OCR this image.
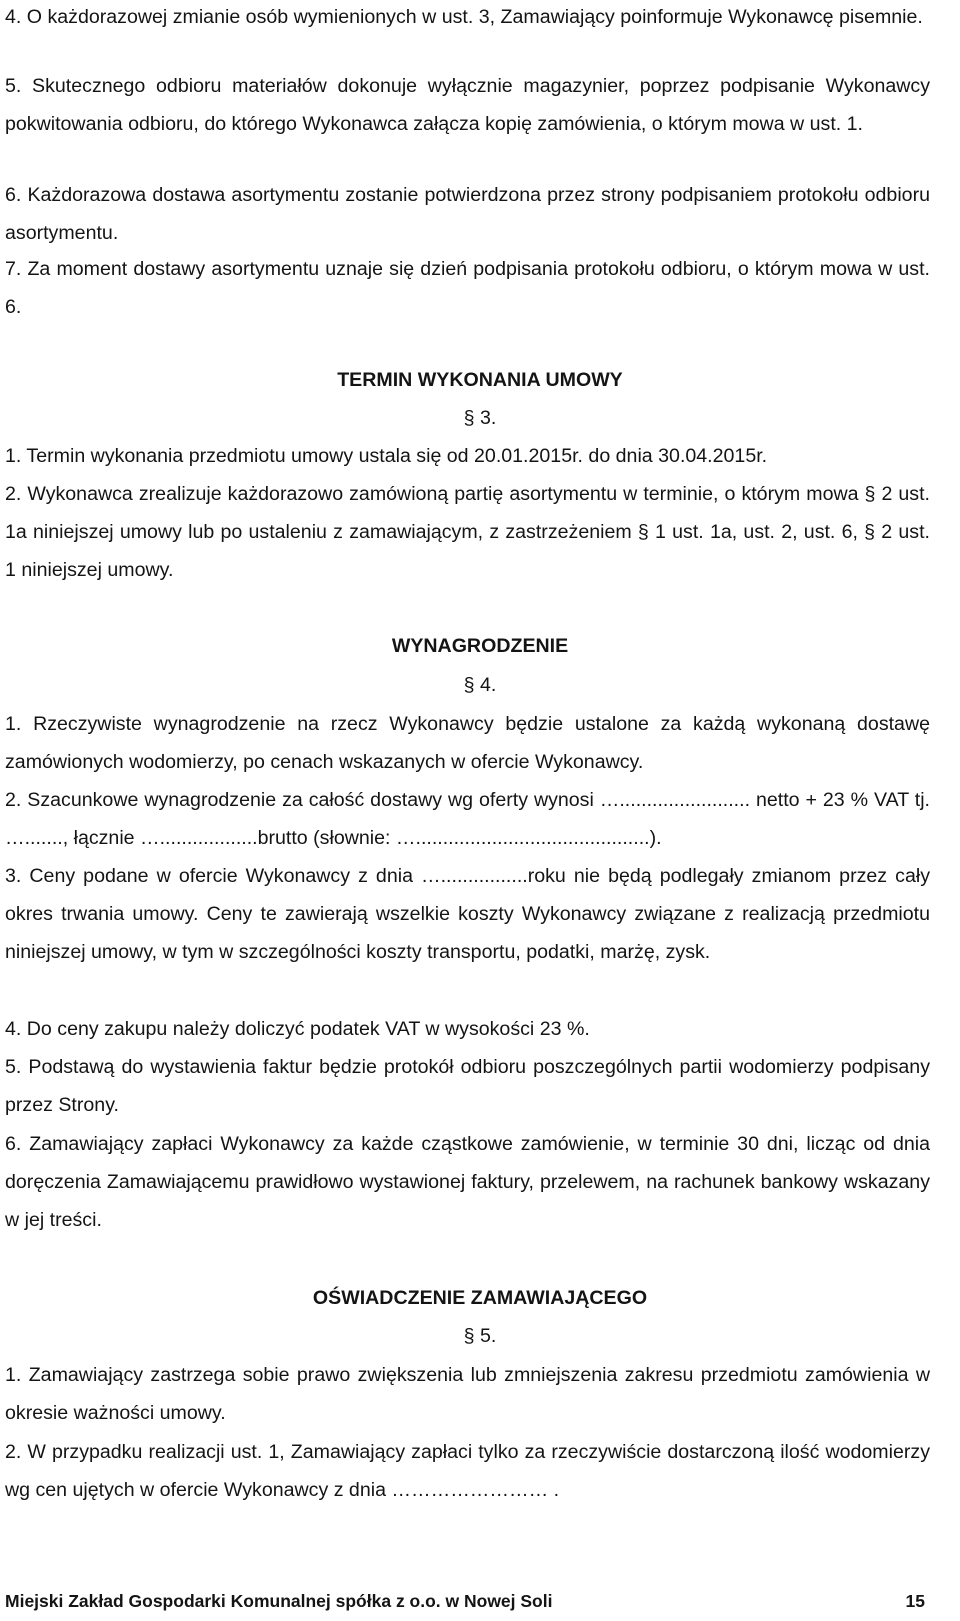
4. O każdorazowej zmianie osób wymienionych w ust. 3, Zamawiający poinformuje Wykonawcę pisemnie.

5. Skutecznego odbioru materiałów dokonuje wyłącznie magazynier, poprzez podpisanie Wykonawcy pokwitowania odbioru, do którego Wykonawca załącza kopię zamówienia, o którym mowa w ust. 1.

6. Każdorazowa dostawa asortymentu zostanie potwierdzona przez strony podpisaniem protokołu odbioru asortymentu.

7. Za moment dostawy asortymentu uznaje się dzień podpisania protokołu odbioru, o którym mowa w ust. 6.

TERMIN WYKONANIA UMOWY

§ 3.

1. Termin wykonania przedmiotu umowy ustala się od 20.01.2015r. do dnia 30.04.2015r.

2. Wykonawca zrealizuje każdorazowo zamówioną partię asortymentu w terminie, o którym mowa § 2 ust. 1a niniejszej umowy lub po ustaleniu z zamawiającym, z zastrzeżeniem § 1 ust. 1a, ust. 2, ust. 6, § 2 ust. 1 niniejszej umowy.

WYNAGRODZENIE

§ 4.

1. Rzeczywiste wynagrodzenie na rzecz Wykonawcy będzie ustalone za każdą wykonaną dostawę zamówionych wodomierzy, po cenach wskazanych w ofercie Wykonawcy.

2. Szacunkowe wynagrodzenie za całość dostawy wg oferty wynosi …........................ netto + 23 % VAT tj. …......., łącznie …..................brutto (słownie: …...........................................).

3. Ceny podane w ofercie Wykonawcy z dnia …................roku nie będą podlegały zmianom przez cały okres trwania umowy. Ceny te zawierają wszelkie koszty Wykonawcy związane z realizacją przedmiotu niniejszej umowy, w tym w szczególności koszty transportu, podatki, marżę, zysk.

4. Do ceny zakupu należy doliczyć podatek VAT w wysokości 23 %.

5. Podstawą do wystawienia faktur będzie protokół odbioru poszczególnych partii wodomierzy podpisany przez Strony.

6. Zamawiający zapłaci Wykonawcy za każde cząstkowe zamówienie, w terminie 30 dni, licząc od dnia doręczenia Zamawiającemu prawidłowo wystawionej faktury, przelewem, na rachunek bankowy wskazany w jej treści.

OŚWIADCZENIE ZAMAWIAJĄCEGO

§ 5.

1. Zamawiający zastrzega sobie prawo zwiększenia lub zmniejszenia zakresu przedmiotu zamówienia w okresie ważności umowy.

2. W przypadku realizacji ust. 1, Zamawiający zapłaci tylko za rzeczywiście dostarczoną ilość wodomierzy wg cen ujętych w ofercie Wykonawcy z dnia …………………… .

Miejski Zakład Gospodarki Komunalnej spółka z o.o. w Nowej Soli	15
